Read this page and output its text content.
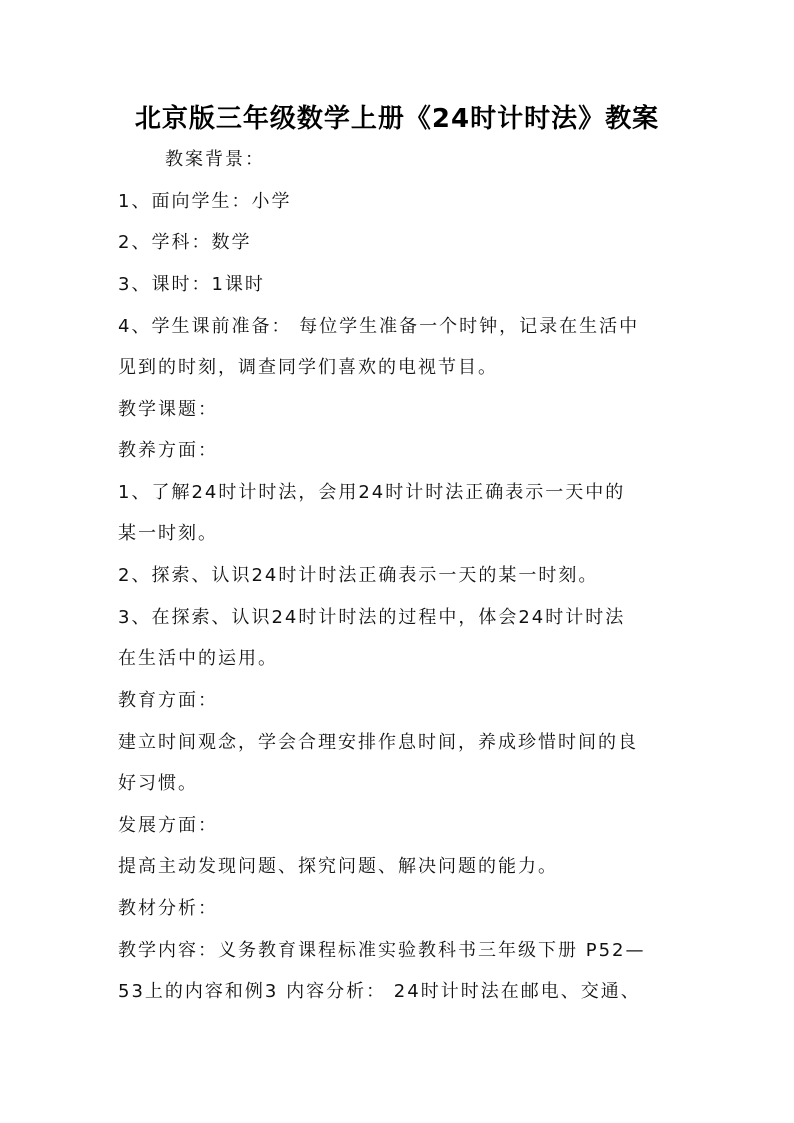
北京版三年级数学上册《24时计时法》教案
教案背景：
1、面向学生：小学
2、学科：数学
3、课时：1课时
4、学生课前准备： 每位学生准备一个时钟，记录在生活中
见到的时刻，调查同学们喜欢的电视节目。
教学课题：
教养方面：
1、了解24时计时法，会用24时计时法正确表示一天中的
某一时刻。
2、探索、认识24时计时法正确表示一天的某一时刻。
3、在探索、认识24时计时法的过程中，体会24时计时法
在生活中的运用。
教育方面：
建立时间观念，学会合理安排作息时间，养成珍惜时间的良
好习惯。
发展方面：
提高主动发现问题、探究问题、解决问题的能力。
教材分析：
教学内容：义务教育课程标准实验教科书三年级下册 P52—
53上的内容和例3 内容分析： 24时计时法在邮电、交通、
